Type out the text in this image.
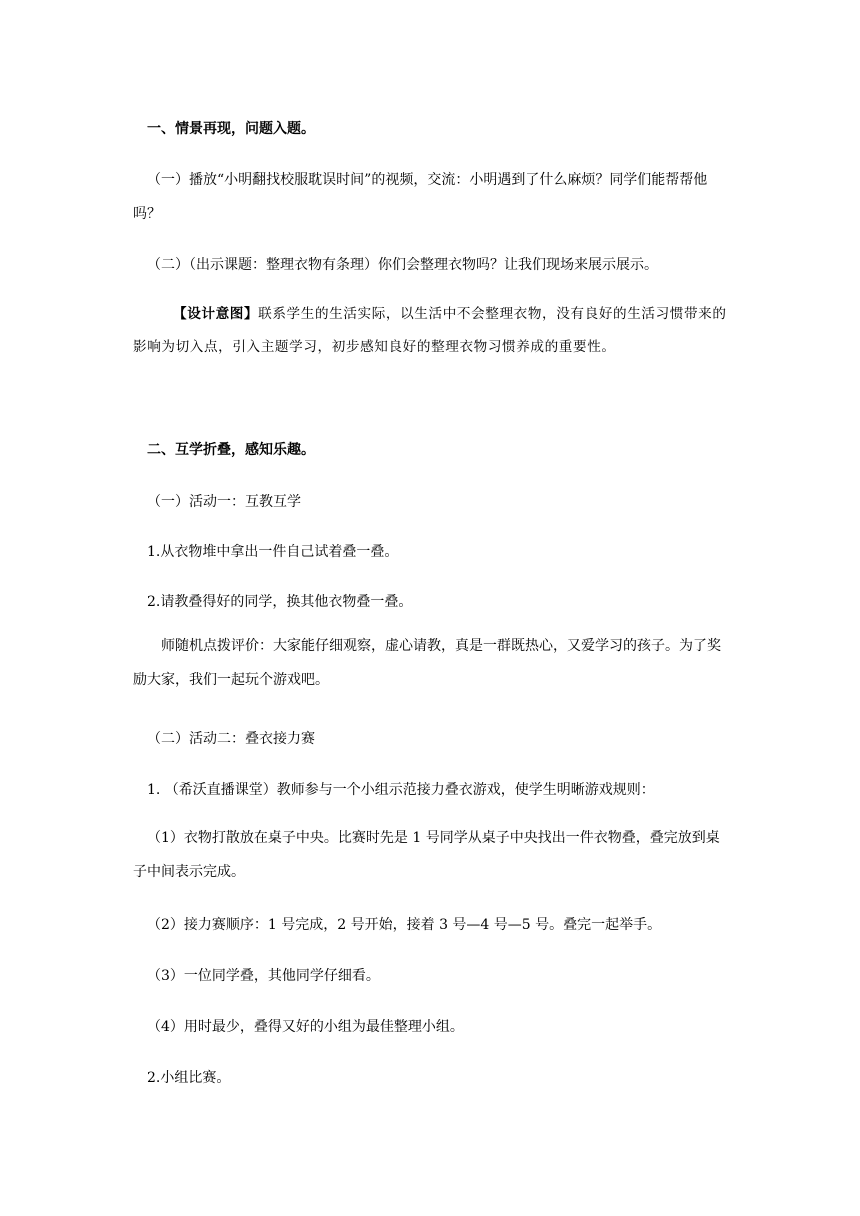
一、情景再现，问题入题。
（一）播放“小明翻找校服耽误时间”的视频，交流：小明遇到了什么麻烦？同学们能帮帮他吗？
（二）（出示课题：整理衣物有条理）你们会整理衣物吗？让我们现场来展示展示。
【设计意图】联系学生的生活实际，以生活中不会整理衣物，没有良好的生活习惯带来的影响为切入点，引入主题学习，初步感知良好的整理衣物习惯养成的重要性。
二、互学折叠，感知乐趣。
（一）活动一：互教互学
1.从衣物堆中拿出一件自己试着叠一叠。
2.请教叠得好的同学，换其他衣物叠一叠。
师随机点拨评价：大家能仔细观察，虚心请教，真是一群既热心，又爱学习的孩子。为了奖励大家，我们一起玩个游戏吧。
（二）活动二：叠衣接力赛
1. （希沃直播课堂）教师参与一个小组示范接力叠衣游戏，使学生明晰游戏规则：
（1）衣物打散放在桌子中央。比赛时先是 1 号同学从桌子中央找出一件衣物叠，叠完放到桌子中间表示完成。
（2）接力赛顺序：1 号完成，2 号开始，接着 3 号—4 号—5 号。叠完一起举手。
（3）一位同学叠，其他同学仔细看。
（4）用时最少，叠得又好的小组为最佳整理小组。
2.小组比赛。
